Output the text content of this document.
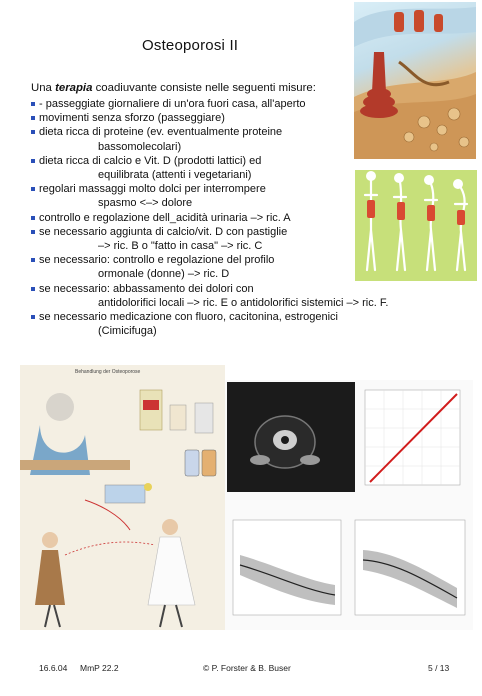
Osteoporosi II
Una terapia coadiuvante consiste nelle seguenti misure:
- passeggiate giornaliere di un'ora fuori casa, all'aperto
movimenti senza sforzo (passeggiare)
dieta ricca di proteine (ev. eventualmente proteine
bassomolecolari)
dieta ricca di calcio e Vit. D (prodotti lattici) ed
equilibrata (attenti i vegetariani)
regolari massaggi molto dolci per interrompere
spasmo <–> dolore
controllo e regolazione dell_acidità urinaria –> ric. A
se necessario aggiunta di calcio/vit. D con pastiglie
–> ric. B o "fatto in casa" –> ric. C
se necessario: controllo e regolazione del profilo
ormonale (donne) –> ric. D
se necessario: abbassamento dei dolori con
antidolorifici locali –> ric. E o antidolorifici sistemici –> ric. F.
se necessario medicazione con fluoro, cacitonina, estrogenici
(Cimicifuga)
Behandlung der Osteoporose
16.6.04 MmP 22.2	© P. Forster & B. Buser	5 / 13
